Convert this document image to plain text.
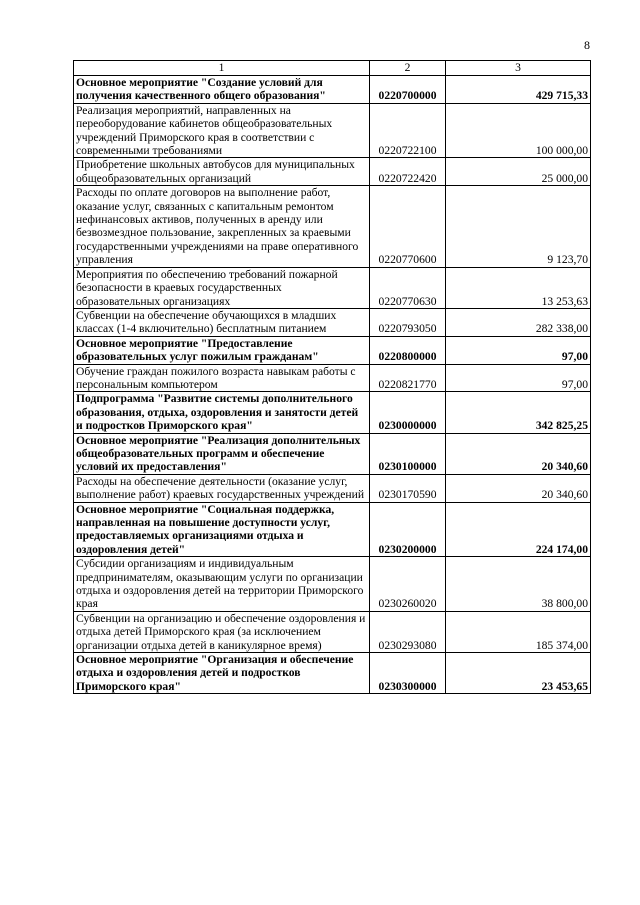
8
1	2	3
Основное мероприятие "Создание условий для получения качественного общего образования"	0220700000	429 715,33
Реализация мероприятий, направленных на переоборудование кабинетов общеобразовательных учреждений Приморского края в соответствии с современными требованиями	0220722100	100 000,00
Приобретение школьных автобусов для муниципальных общеобразовательных организаций	0220722420	25 000,00
Расходы по оплате договоров на выполнение работ, оказание услуг, связанных с капитальным ремонтом нефинансовых активов, полученных в аренду или безвозмездное пользование, закрепленных за краевыми государственными учреждениями на праве оперативного управления	0220770600	9 123,70
Мероприятия по обеспечению требований пожарной безопасности в краевых государственных образовательных организациях	0220770630	13 253,63
Субвенции на обеспечение обучающихся в младших классах (1-4 включительно) бесплатным питанием	0220793050	282 338,00
Основное мероприятие "Предоставление образовательных услуг пожилым гражданам"	0220800000	97,00
Обучение граждан пожилого возраста навыкам работы с персональным компьютером	0220821770	97,00
Подпрограмма "Развитие системы дополнительного образования, отдыха, оздоровления и занятости детей и подростков Приморского края"	0230000000	342 825,25
Основное мероприятие "Реализация дополнительных общеобразовательных программ и обеспечение условий их предоставления"	0230100000	20 340,60
Расходы на обеспечение деятельности (оказание услуг, выполнение работ) краевых государственных учреждений	0230170590	20 340,60
Основное мероприятие "Социальная поддержка, направленная на повышение доступности услуг, предоставляемых организациями отдыха и оздоровления детей"	0230200000	224 174,00
Субсидии организациям и индивидуальным предпринимателям, оказывающим услуги по организации отдыха и оздоровления детей на территории Приморского края	0230260020	38 800,00
Субвенции на организацию и обеспечение оздоровления и отдыха детей Приморского края (за исключением организации отдыха детей в каникулярное время)	0230293080	185 374,00
Основное мероприятие "Организация и обеспечение отдыха и оздоровления детей и подростков Приморского края"	0230300000	23 453,65
